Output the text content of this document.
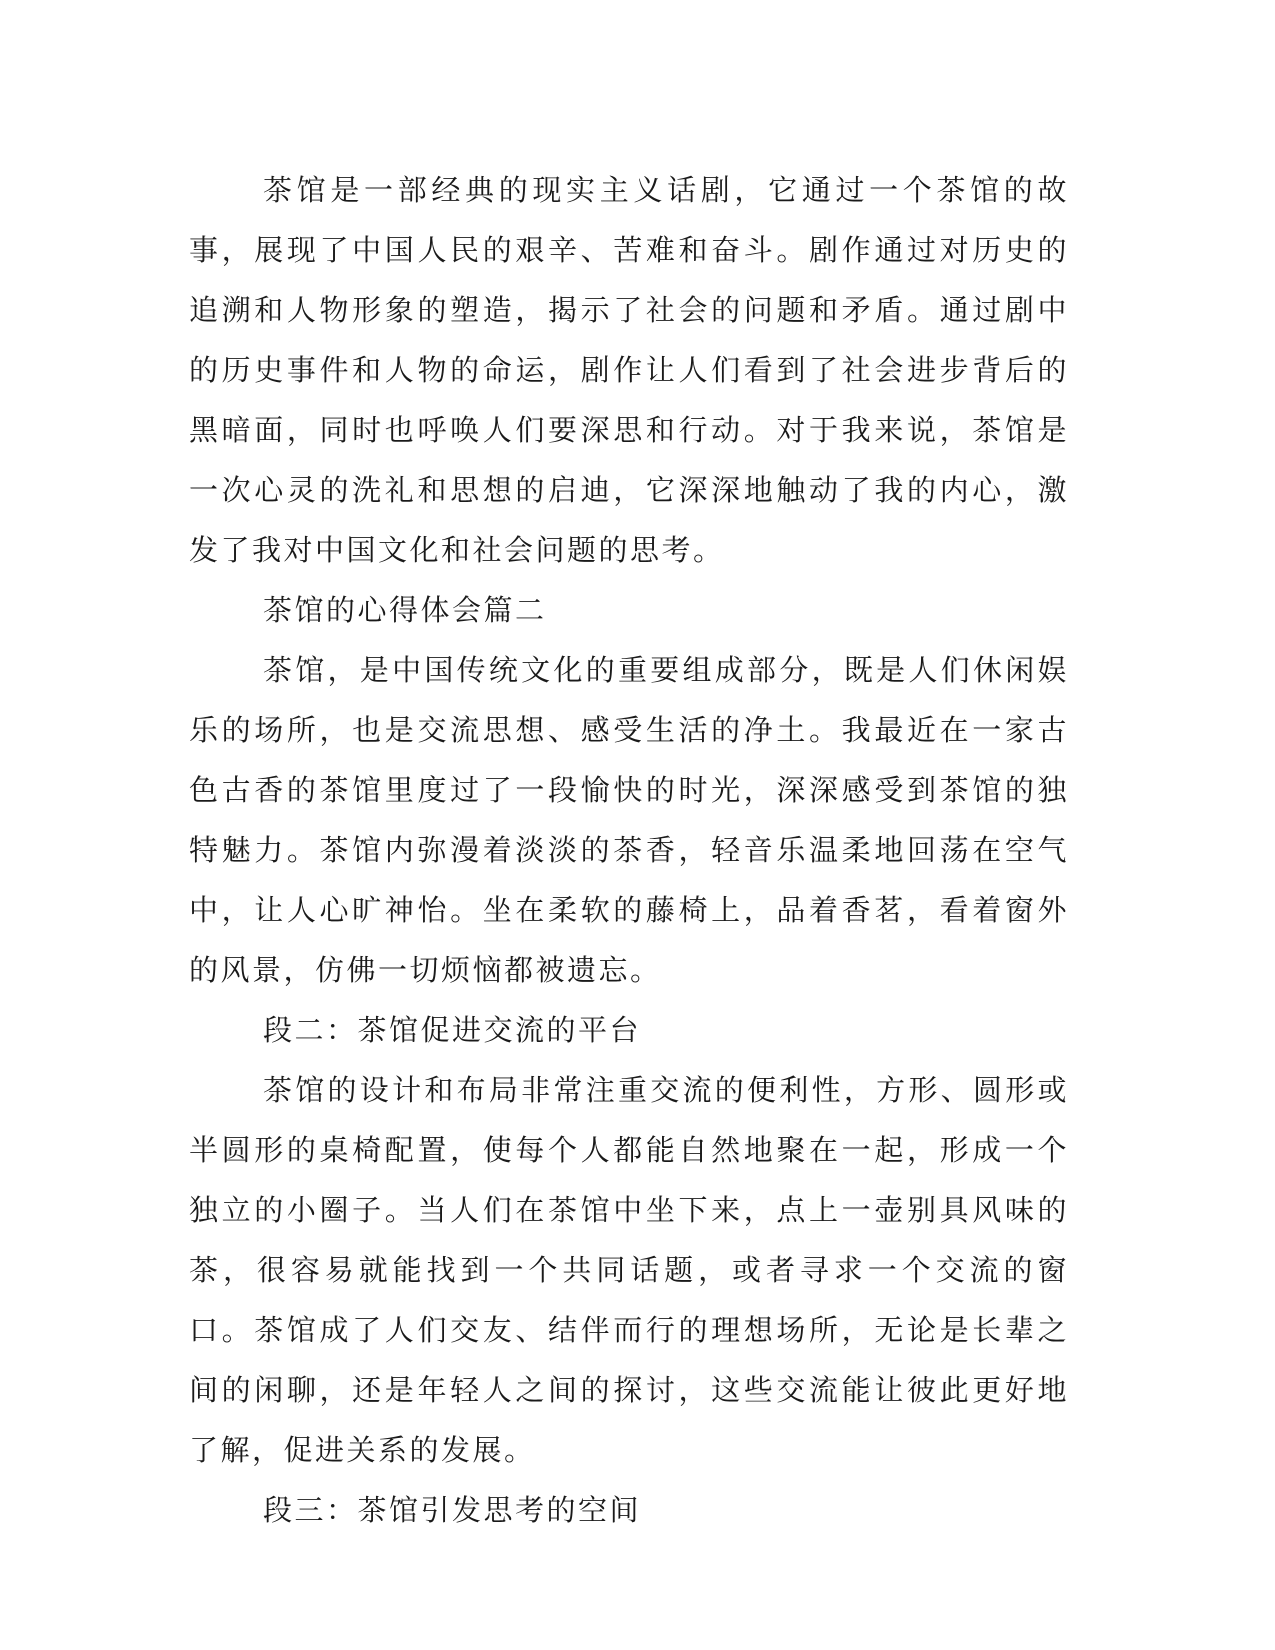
茶馆是一部经典的现实主义话剧，它通过一个茶馆的故事，展现了中国人民的艰辛、苦难和奋斗。剧作通过对历史的追溯和人物形象的塑造，揭示了社会的问题和矛盾。通过剧中的历史事件和人物的命运，剧作让人们看到了社会进步背后的黑暗面，同时也呼唤人们要深思和行动。对于我来说，茶馆是一次心灵的洗礼和思想的启迪，它深深地触动了我的内心，激发了我对中国文化和社会问题的思考。

茶馆的心得体会篇二

茶馆，是中国传统文化的重要组成部分，既是人们休闲娱乐的场所，也是交流思想、感受生活的净土。我最近在一家古色古香的茶馆里度过了一段愉快的时光，深深感受到茶馆的独特魅力。茶馆内弥漫着淡淡的茶香，轻音乐温柔地回荡在空气中，让人心旷神怡。坐在柔软的藤椅上，品着香茗，看着窗外的风景，仿佛一切烦恼都被遗忘。

段二：茶馆促进交流的平台

茶馆的设计和布局非常注重交流的便利性，方形、圆形或半圆形的桌椅配置，使每个人都能自然地聚在一起，形成一个独立的小圈子。当人们在茶馆中坐下来，点上一壶别具风味的茶，很容易就能找到一个共同话题，或者寻求一个交流的窗口。茶馆成了人们交友、结伴而行的理想场所，无论是长辈之间的闲聊，还是年轻人之间的探讨，这些交流能让彼此更好地了解，促进关系的发展。

段三：茶馆引发思考的空间
